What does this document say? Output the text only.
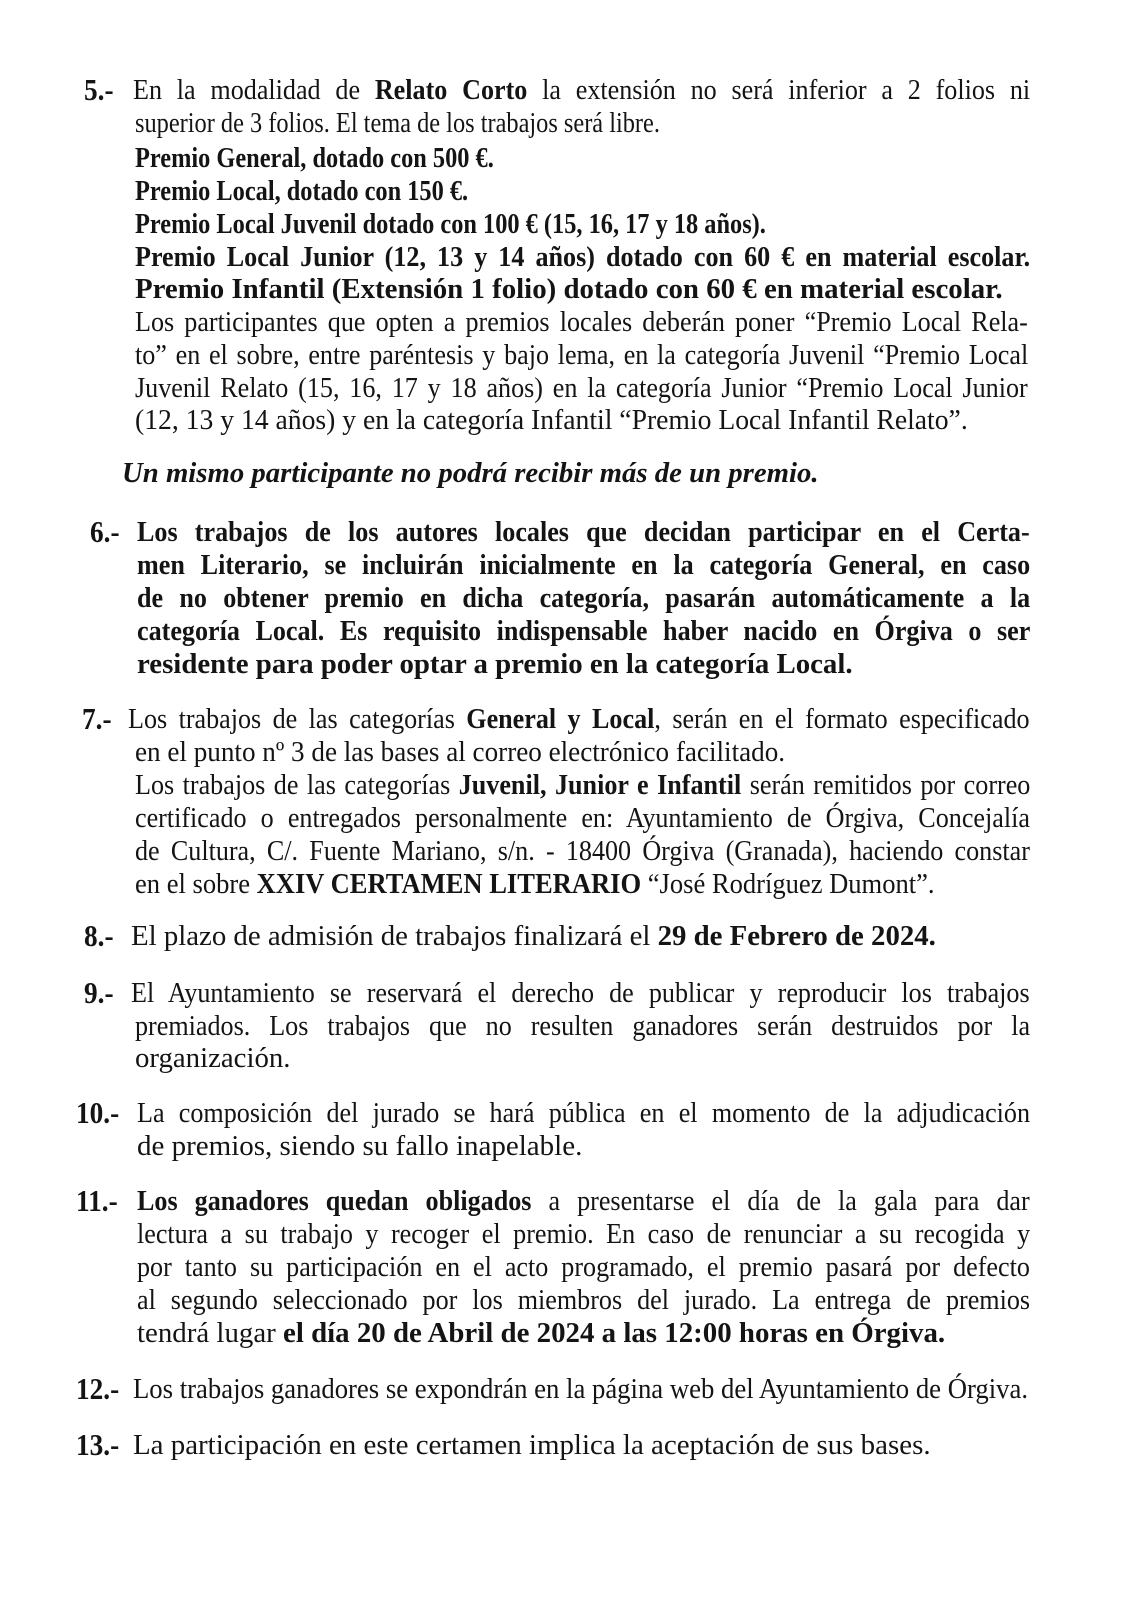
5.- En la modalidad de Relato Corto la extensión no será inferior a 2 folios ni
superior de 3 folios. El tema de los trabajos será libre.
Premio General, dotado con 500 €.
Premio Local, dotado con 150 €.
Premio Local Juvenil dotado con 100 € (15, 16, 17 y 18 años).
Premio Local Junior (12, 13 y 14 años) dotado con 60 € en material escolar.
Premio Infantil (Extensión 1 folio) dotado con 60 € en material escolar.
Los participantes que opten a premios locales deberán poner “Premio Local Rela-
to” en el sobre, entre paréntesis y bajo lema, en la categoría Juvenil “Premio Local
Juvenil Relato (15, 16, 17 y 18 años) en la categoría Junior “Premio Local Junior
(12, 13 y 14 años) y en la categoría Infantil “Premio Local Infantil Relato”.
Un mismo participante no podrá recibir más de un premio.
6.- Los trabajos de los autores locales que decidan participar en el Certa-
men Literario, se incluirán inicialmente en la categoría General, en caso
de no obtener premio en dicha categoría, pasarán automáticamente a la
categoría Local. Es requisito indispensable haber nacido en Órgiva o ser
residente para poder optar a premio en la categoría Local.
7.- Los trabajos de las categorías General y Local, serán en el formato especificado
en el punto nº 3 de las bases al correo electrónico facilitado.
Los trabajos de las categorías Juvenil, Junior e Infantil serán remitidos por correo
certificado o entregados personalmente en: Ayuntamiento de Órgiva, Concejalía
de Cultura, C/. Fuente Mariano, s/n. - 18400 Órgiva (Granada), haciendo constar
en el sobre XXIV CERTAMEN LITERARIO “José Rodríguez Dumont”.
8.- El plazo de admisión de trabajos finalizará el 29 de Febrero de 2024.
9.- El Ayuntamiento se reservará el derecho de publicar y reproducir los trabajos
premiados. Los trabajos que no resulten ganadores serán destruidos por la
organización.
10.- La composición del jurado se hará pública en el momento de la adjudicación
de premios, siendo su fallo inapelable.
11.- Los ganadores quedan obligados a presentarse el día de la gala para dar
lectura a su trabajo y recoger el premio. En caso de renunciar a su recogida y
por tanto su participación en el acto programado, el premio pasará por defecto
al segundo seleccionado por los miembros del jurado. La entrega de premios
tendrá lugar el día 20 de Abril de 2024 a las 12:00 horas en Órgiva.
12.- Los trabajos ganadores se expondrán en la página web del Ayuntamiento de Órgiva.
13.- La participación en este certamen implica la aceptación de sus bases.
